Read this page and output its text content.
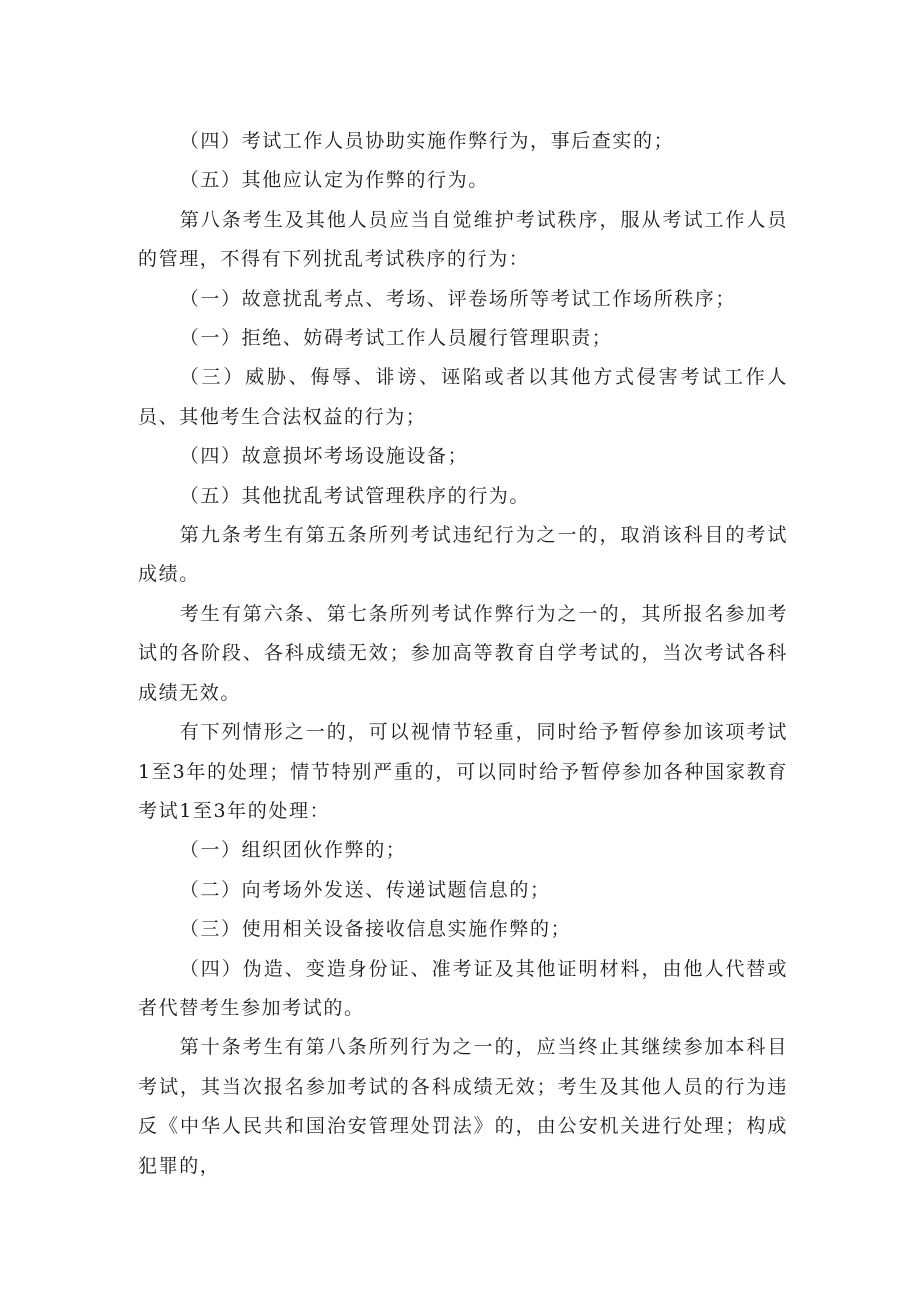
（四）考试工作人员协助实施作弊行为，事后查实的；

（五）其他应认定为作弊的行为。

第八条考生及其他人员应当自觉维护考试秩序，服从考试工作人员的管理，不得有下列扰乱考试秩序的行为：

（一）故意扰乱考点、考场、评卷场所等考试工作场所秩序；

（一）拒绝、妨碍考试工作人员履行管理职责；

（三）威胁、侮辱、诽谤、诬陷或者以其他方式侵害考试工作人员、其他考生合法权益的行为；

（四）故意损坏考场设施设备；

（五）其他扰乱考试管理秩序的行为。

第九条考生有第五条所列考试违纪行为之一的，取消该科目的考试成绩。

考生有第六条、第七条所列考试作弊行为之一的，其所报名参加考试的各阶段、各科成绩无效；参加高等教育自学考试的，当次考试各科成绩无效。

有下列情形之一的，可以视情节轻重，同时给予暂停参加该项考试1至3年的处理；情节特别严重的，可以同时给予暂停参加各种国家教育考试1至3年的处理：

（一）组织团伙作弊的；

（二）向考场外发送、传递试题信息的；

（三）使用相关设备接收信息实施作弊的；

（四）伪造、变造身份证、准考证及其他证明材料，由他人代替或者代替考生参加考试的。

第十条考生有第八条所列行为之一的，应当终止其继续参加本科目考试，其当次报名参加考试的各科成绩无效；考生及其他人员的行为违反《中华人民共和国治安管理处罚法》的，由公安机关进行处理；构成犯罪的，
